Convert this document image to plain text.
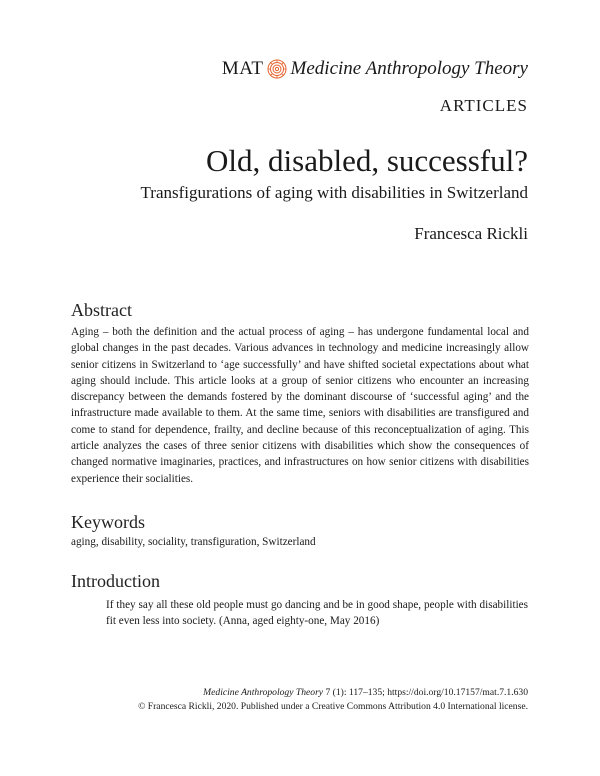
MAT Medicine Anthropology Theory
ARTICLES
Old, disabled, successful?
Transfigurations of aging with disabilities in Switzerland
Francesca Rickli
Abstract

Aging – both the definition and the actual process of aging – has undergone fundamental local and global changes in the past decades. Various advances in technology and medicine increasingly allow senior citizens in Switzerland to ‘age successfully’ and have shifted societal expectations about what aging should include. This article looks at a group of senior citizens who encounter an increasing discrepancy between the demands fostered by the dominant discourse of ‘successful aging’ and the infrastructure made available to them. At the same time, seniors with disabilities are transfigured and come to stand for dependence, frailty, and decline because of this reconceptualization of aging. This article analyzes the cases of three senior citizens with disabilities which show the consequences of changed normative imaginaries, practices, and infrastructures on how senior citizens with disabilities experience their socialities.

Keywords
aging, disability, sociality, transfiguration, Switzerland
Introduction

If they say all these old people must go dancing and be in good shape, people with disabilities fit even less into society. (Anna, aged eighty-one, May 2016)

Medicine Anthropology Theory 7 (1): 117–135; https://doi.org/10.17157/mat.7.1.630
© Francesca Rickli, 2020. Published under a Creative Commons Attribution 4.0 International license.
